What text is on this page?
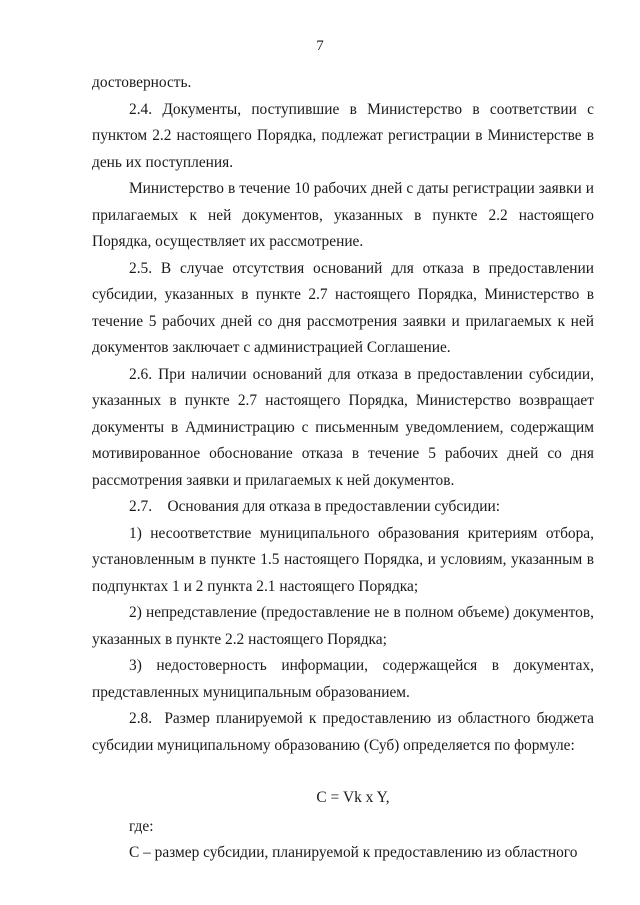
7

достоверность.

2.4. Документы, поступившие в Министерство в соответствии с пунктом 2.2 настоящего Порядка, подлежат регистрации в Министерстве в день их поступления.

Министерство в течение 10 рабочих дней с даты регистрации заявки и прилагаемых к ней документов, указанных в пункте 2.2 настоящего Порядка, осуществляет их рассмотрение.

2.5. В случае отсутствия оснований для отказа в предоставлении субсидии, указанных в пункте 2.7 настоящего Порядка, Министерство в течение 5 рабочих дней со дня рассмотрения заявки и прилагаемых к ней документов заключает с администрацией Соглашение.

2.6. При наличии оснований для отказа в предоставлении субсидии, указанных в пункте 2.7 настоящего Порядка, Министерство возвращает документы в Администрацию с письменным уведомлением, содержащим мотивированное обоснование отказа в течение 5 рабочих дней со дня рассмотрения заявки и прилагаемых к ней документов.

2.7.    Основания для отказа в предоставлении субсидии:

1) несоответствие муниципального образования критериям отбора, установленным в пункте 1.5 настоящего Порядка, и условиям, указанным в подпунктах 1 и 2 пункта 2.1 настоящего Порядка;

2) непредставление (предоставление не в полном объеме) документов, указанных в пункте 2.2 настоящего Порядка;

3) недостоверность информации, содержащейся в документах, представленных муниципальным образованием.

2.8.  Размер планируемой к предоставлению из областного бюджета субсидии муниципальному образованию (Суб) определяется по формуле:

С = Vk x Y,

где:

С – размер субсидии, планируемой к предоставлению из областного
